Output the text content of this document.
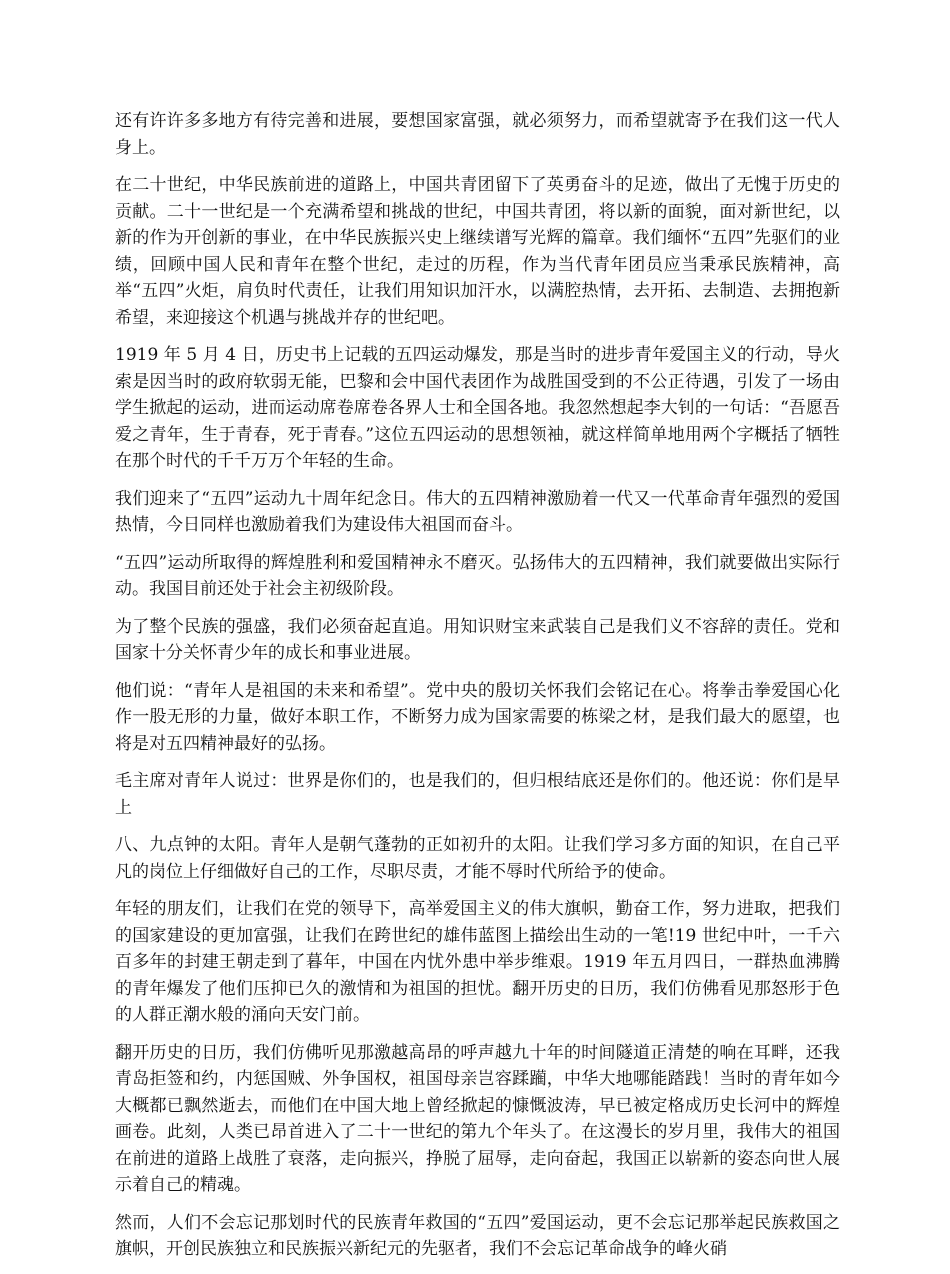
还有许许多多地方有待完善和进展，要想国家富强，就必须努力，而希望就寄予在我们这一代人身上。

在二十世纪，中华民族前进的道路上，中国共青团留下了英勇奋斗的足迹，做出了无愧于历史的贡献。二十一世纪是一个充满希望和挑战的世纪，中国共青团，将以新的面貌，面对新世纪，以新的作为开创新的事业，在中华民族振兴史上继续谱写光辉的篇章。我们缅怀“五四”先驱们的业绩，回顾中国人民和青年在整个世纪，走过的历程，作为当代青年团员应当秉承民族精神，高举“五四”火炬，肩负时代责任，让我们用知识加汗水，以满腔热情，去开拓、去制造、去拥抱新希望，来迎接这个机遇与挑战并存的世纪吧。

1919 年 5 月 4 日，历史书上记载的五四运动爆发，那是当时的进步青年爱国主义的行动，导火索是因当时的政府软弱无能，巴黎和会中国代表团作为战胜国受到的不公正待遇，引发了一场由学生掀起的运动，进而运动席卷席卷各界人士和全国各地。我忽然想起李大钊的一句话：“吾愿吾爱之青年，生于青春，死于青春。”这位五四运动的思想领袖，就这样简单地用两个字概括了牺牲在那个时代的千千万万个年轻的生命。

我们迎来了“五四”运动九十周年纪念日。伟大的五四精神激励着一代又一代革命青年强烈的爱国热情，今日同样也激励着我们为建设伟大祖国而奋斗。

“五四”运动所取得的辉煌胜利和爱国精神永不磨灭。弘扬伟大的五四精神，我们就要做出实际行动。我国目前还处于社会主初级阶段。

为了整个民族的强盛，我们必须奋起直追。用知识财宝来武装自己是我们义不容辞的责任。党和国家十分关怀青少年的成长和事业进展。

他们说：“青年人是祖国的未来和希望”。党中央的殷切关怀我们会铭记在心。将拳击拳爱国心化作一股无形的力量，做好本职工作，不断努力成为国家需要的栋梁之材，是我们最大的愿望，也将是对五四精神最好的弘扬。

毛主席对青年人说过：世界是你们的，也是我们的，但归根结底还是你们的。他还说：你们是早上

八、九点钟的太阳。青年人是朝气蓬勃的正如初升的太阳。让我们学习多方面的知识，在自己平凡的岗位上仔细做好自己的工作，尽职尽责，才能不辱时代所给予的使命。

年轻的朋友们，让我们在党的领导下，高举爱国主义的伟大旗帜，勤奋工作，努力进取，把我们的国家建设的更加富强，让我们在跨世纪的雄伟蓝图上描绘出生动的一笔!19 世纪中叶，一千六百多年的封建王朝走到了暮年，中国在内忧外患中举步维艰。1919 年五月四日，一群热血沸腾的青年爆发了他们压抑已久的激情和为祖国的担忧。翻开历史的日历，我们仿佛看见那怒形于色的人群正潮水般的涌向天安门前。

翻开历史的日历，我们仿佛听见那激越高昂的呼声越九十年的时间隧道正清楚的响在耳畔，还我青岛拒签和约，内惩国贼、外争国权，祖国母亲岂容蹂躏，中华大地哪能踏践！当时的青年如今大概都已飘然逝去，而他们在中国大地上曾经掀起的慷慨波涛，早已被定格成历史长河中的辉煌画卷。此刻，人类已昂首进入了二十一世纪的第九个年头了。在这漫长的岁月里，我伟大的祖国在前进的道路上战胜了衰落，走向振兴，挣脱了屈辱，走向奋起，我国正以崭新的姿态向世人展示着自己的精魂。

然而，人们不会忘记那划时代的民族青年救国的“五四”爱国运动，更不会忘记那举起民族救国之旗帜，开创民族独立和民族振兴新纪元的先驱者，我们不会忘记革命战争的峰火硝
